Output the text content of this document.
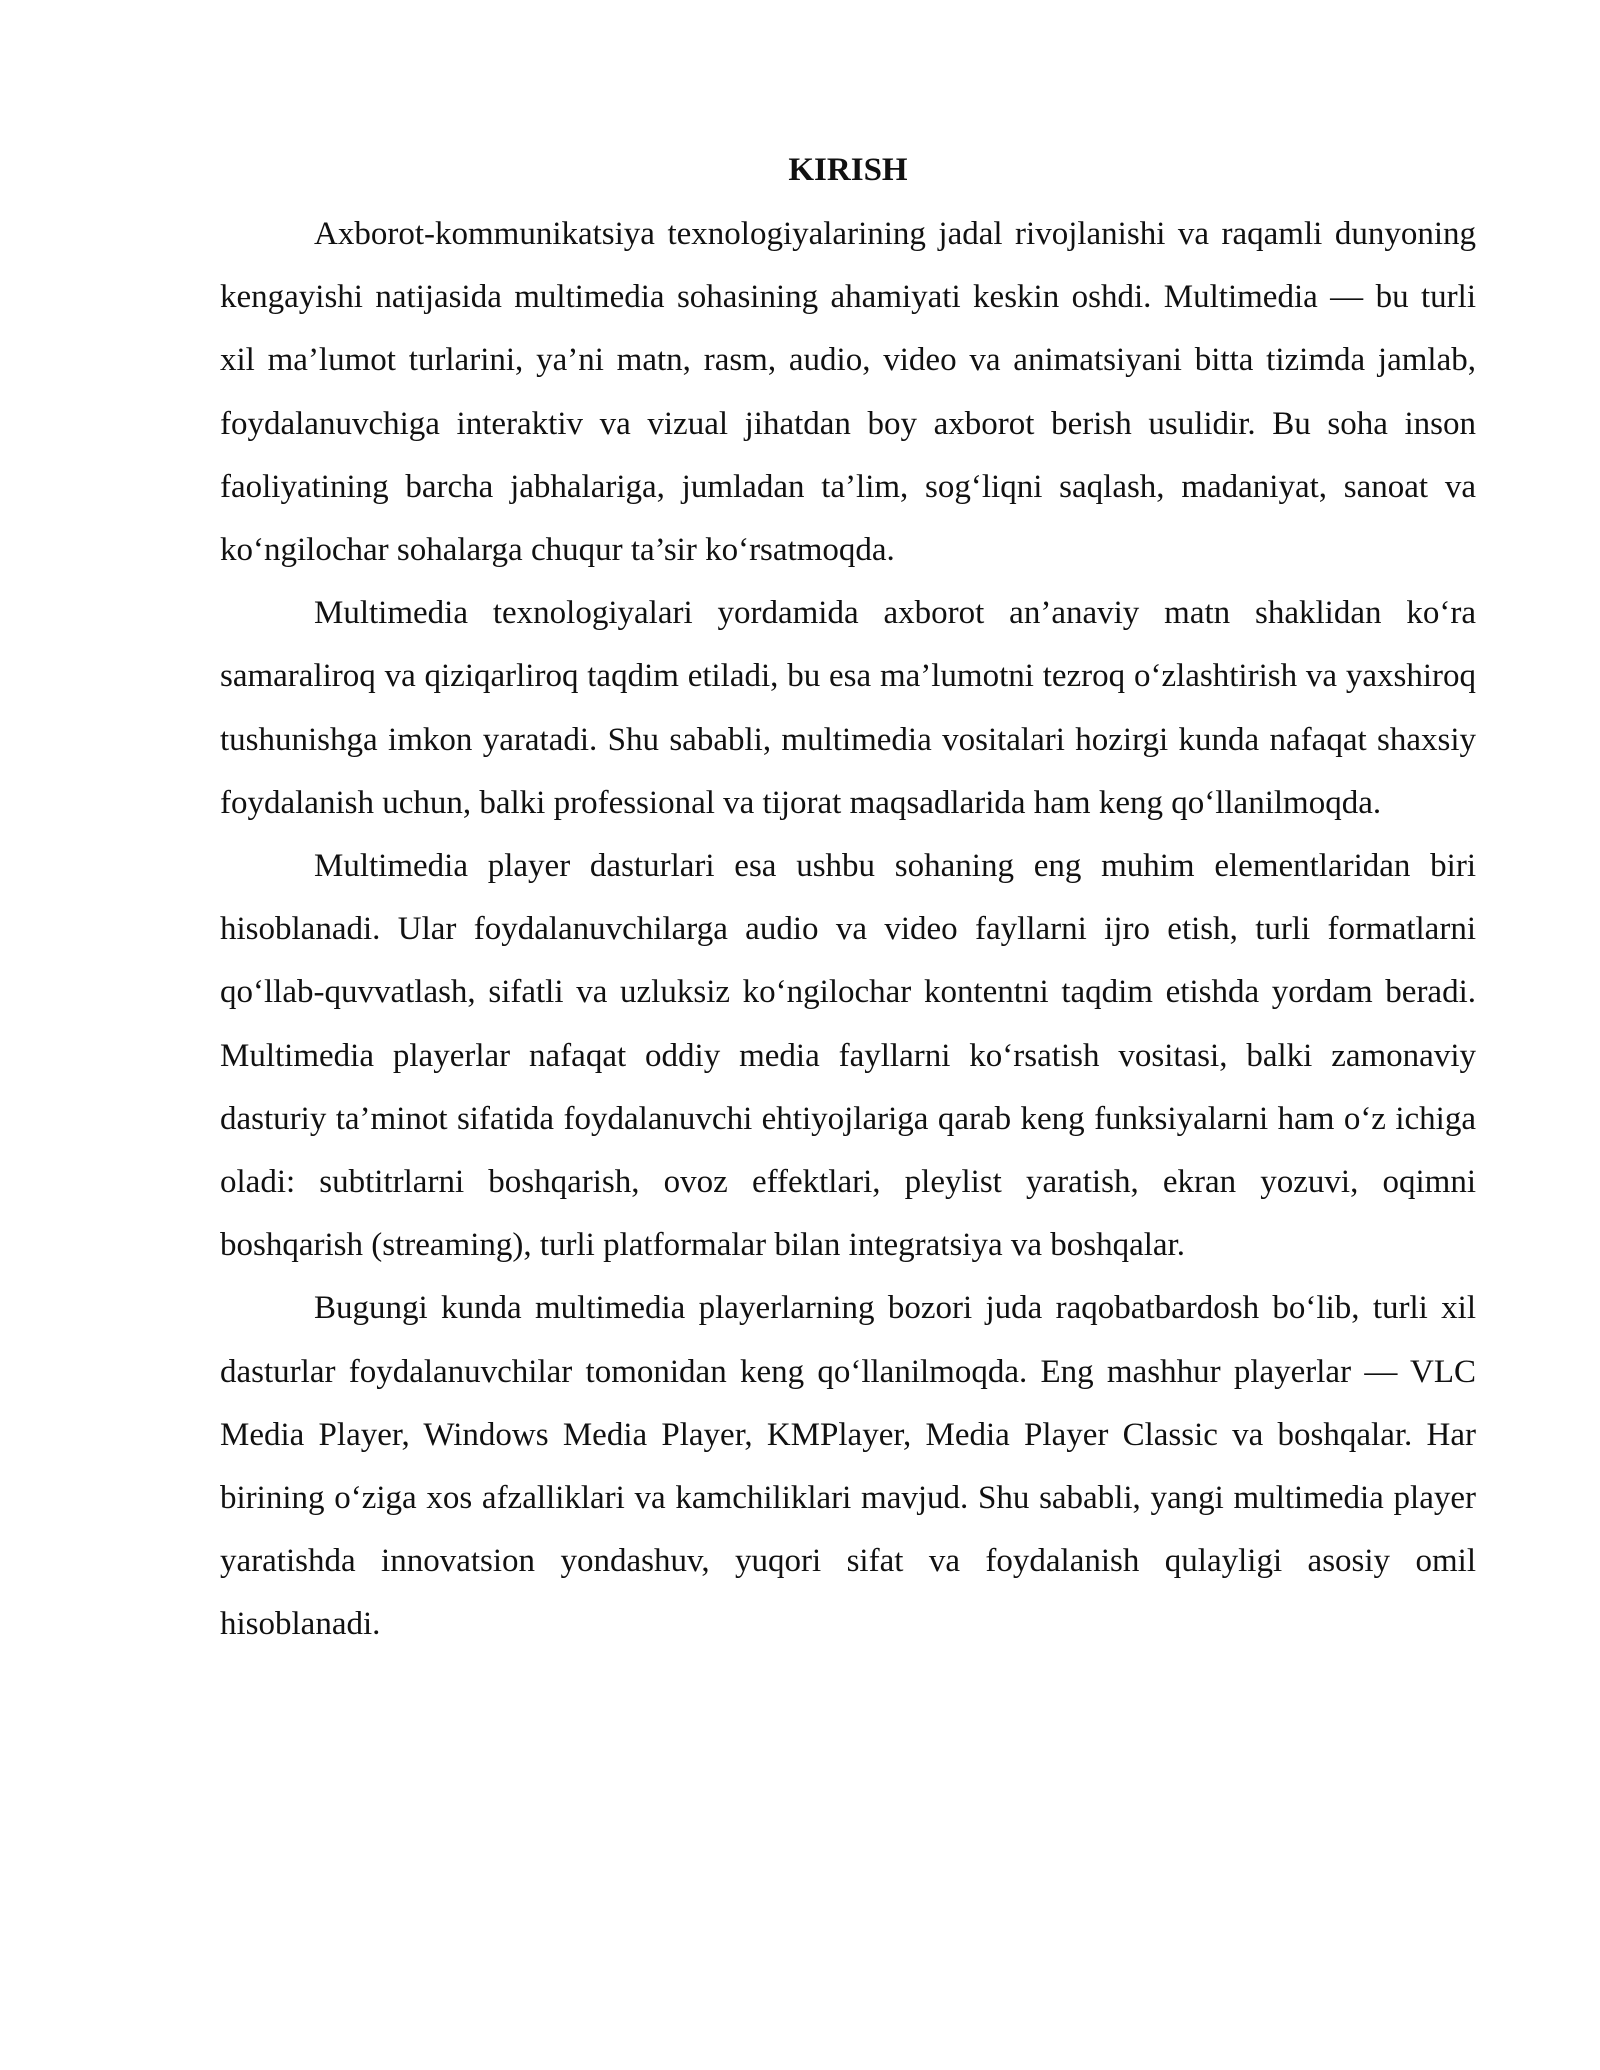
KIRISH

Axborot-kommunikatsiya texnologiyalarining jadal rivojlanishi va raqamli dunyoning kengayishi natijasida multimedia sohasining ahamiyati keskin oshdi. Multimedia — bu turli xil ma’lumot turlarini, ya’ni matn, rasm, audio, video va animatsiyani bitta tizimda jamlab, foydalanuvchiga interaktiv va vizual jihatdan boy axborot berish usulidir. Bu soha inson faoliyatining barcha jabhalariga, jumladan ta’lim, sog‘liqni saqlash, madaniyat, sanoat va ko‘ngilochar sohalarga chuqur ta’sir ko‘rsatmoqda.

Multimedia texnologiyalari yordamida axborot an’anaviy matn shaklidan ko‘ra samaraliroq va qiziqarliroq taqdim etiladi, bu esa ma’lumotni tezroq o‘zlashtirish va yaxshiroq tushunishga imkon yaratadi. Shu sababli, multimedia vositalari hozirgi kunda nafaqat shaxsiy foydalanish uchun, balki professional va tijorat maqsadlarida ham keng qo‘llanilmoqda.

Multimedia player dasturlari esa ushbu sohaning eng muhim elementlaridan biri hisoblanadi. Ular foydalanuvchilarga audio va video fayllarni ijro etish, turli formatlarni qo‘llab-quvvatlash, sifatli va uzluksiz ko‘ngilochar kontentni taqdim etishda yordam beradi. Multimedia playerlar nafaqat oddiy media fayllarni ko‘rsatish vositasi, balki zamonaviy dasturiy ta’minot sifatida foydalanuvchi ehtiyojlariga qarab keng funksiyalarni ham o‘z ichiga oladi: subtitrlarni boshqarish, ovoz effektlari, pleylist yaratish, ekran yozuvi, oqimni boshqarish (streaming), turli platformalar bilan integratsiya va boshqalar.

Bugungi kunda multimedia playerlarning bozori juda raqobatbardosh bo‘lib, turli xil dasturlar foydalanuvchilar tomonidan keng qo‘llanilmoqda. Eng mashhur playerlar — VLC Media Player, Windows Media Player, KMPlayer, Media Player Classic va boshqalar. Har birining o‘ziga xos afzalliklari va kamchiliklari mavjud. Shu sababli, yangi multimedia player yaratishda innovatsion yondashuv, yuqori sifat va foydalanish qulayligi asosiy omil hisoblanadi.
